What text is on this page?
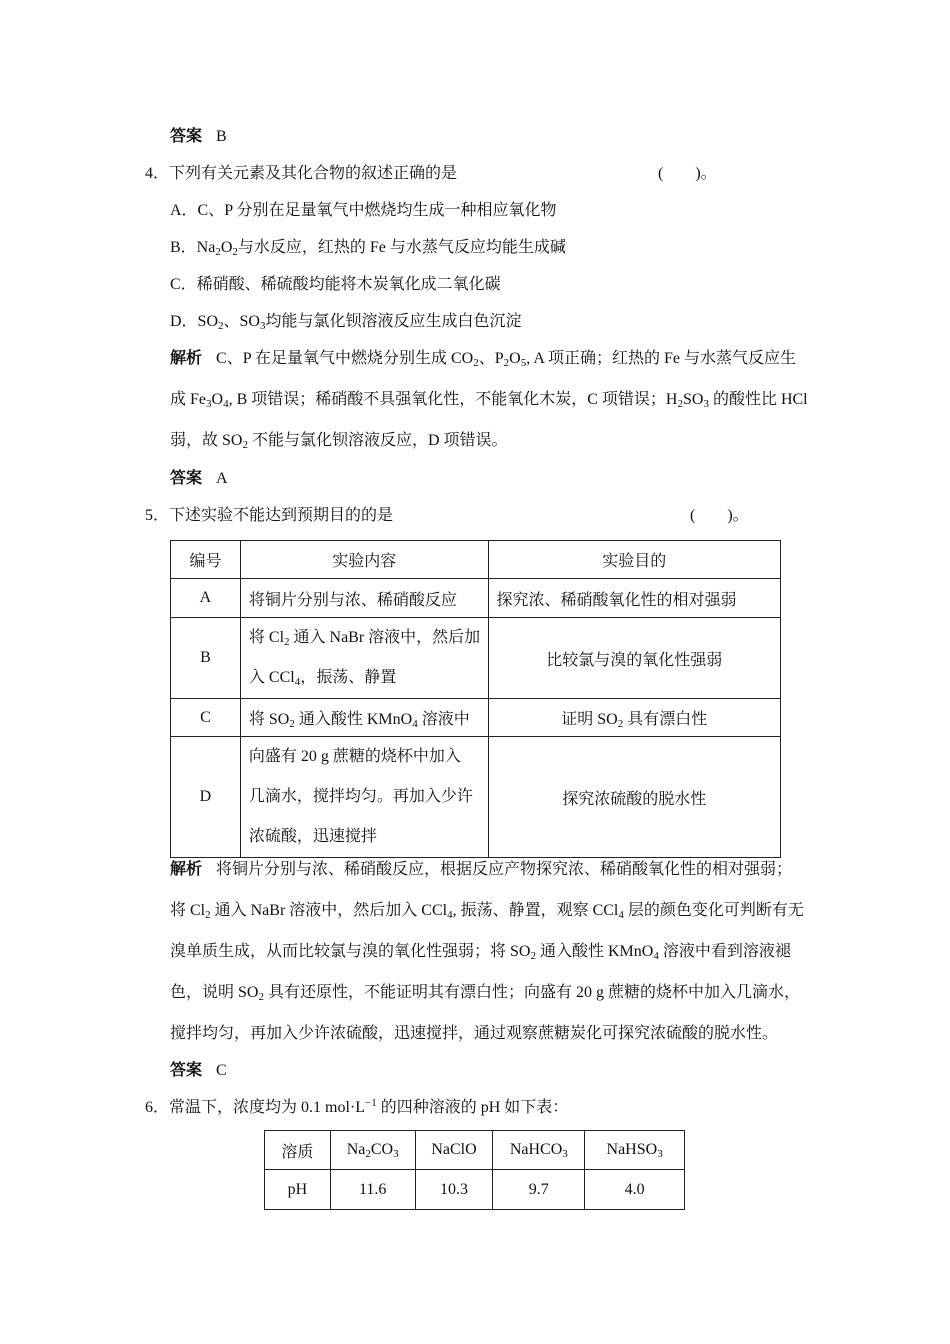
答案 B
4．下列有关元素及其化合物的叙述正确的是	(　　)。
A．C、P 分别在足量氧气中燃烧均生成一种相应氧化物
B．$Na_2O_2$与水反应，红热的 Fe 与水蒸气反应均能生成碱
C．稀硝酸、稀硫酸均能将木炭氧化成二氧化碳
D．$SO_2$、$SO_3$均能与氯化钡溶液反应生成白色沉淀
解析 C、P 在足量氧气中燃烧分别生成 $CO_2$、$P_2O_5$, A 项正确；红热的 Fe 与水蒸气反应生
成 $Fe_3O_4$, B 项错误；稀硝酸不具强氧化性，不能氧化木炭，C 项错误；$H_2SO_3$ 的酸性比 HCl
弱，故 $SO_2$ 不能与氯化钡溶液反应，D 项错误。
答案 A
5．下述实验不能达到预期目的的是	(　　)。
编号	实验内容	实验目的
A	将铜片分别与浓、稀硝酸反应	探究浓、稀硝酸氧化性的相对强弱
B	将 $Cl_2$ 通入 NaBr 溶液中，然后加
入 CCl$_4$，振荡、静置	比较氯与溴的氧化性强弱
C	将 $SO_2$ 通入酸性 KMnO$_4$ 溶液中	证明 $SO_2$ 具有漂白性
D	向盛有 20 g 蔗糖的烧杯中加入
几滴水，搅拌均匀。再加入少许
浓硫酸，迅速搅拌	探究浓硫酸的脱水性
解析 将铜片分别与浓、稀硝酸反应，根据反应产物探究浓、稀硝酸氧化性的相对强弱；
将 $Cl_2$ 通入 NaBr 溶液中，然后加入 CCl$_4$, 振荡、静置，观察 CCl$_4$ 层的颜色变化可判断有无
溴单质生成，从而比较氯与溴的氧化性强弱；将 $SO_2$ 通入酸性 KMnO$_4$ 溶液中看到溶液褪
色，说明 $SO_2$ 具有还原性，不能证明其有漂白性；向盛有 20 g 蔗糖的烧杯中加入几滴水，
搅拌均匀，再加入少许浓硫酸，迅速搅拌，通过观察蔗糖炭化可探究浓硫酸的脱水性。
答案 C
6．常温下，浓度均为 0.1 $mol\cdot L^{-1}$ 的四种溶液的 pH 如下表：
溶质	$Na_2CO_3$	NaClO	NaHCO$_3$	NaHSO$_3$
pH	11.6	10.3	9.7	4.0
